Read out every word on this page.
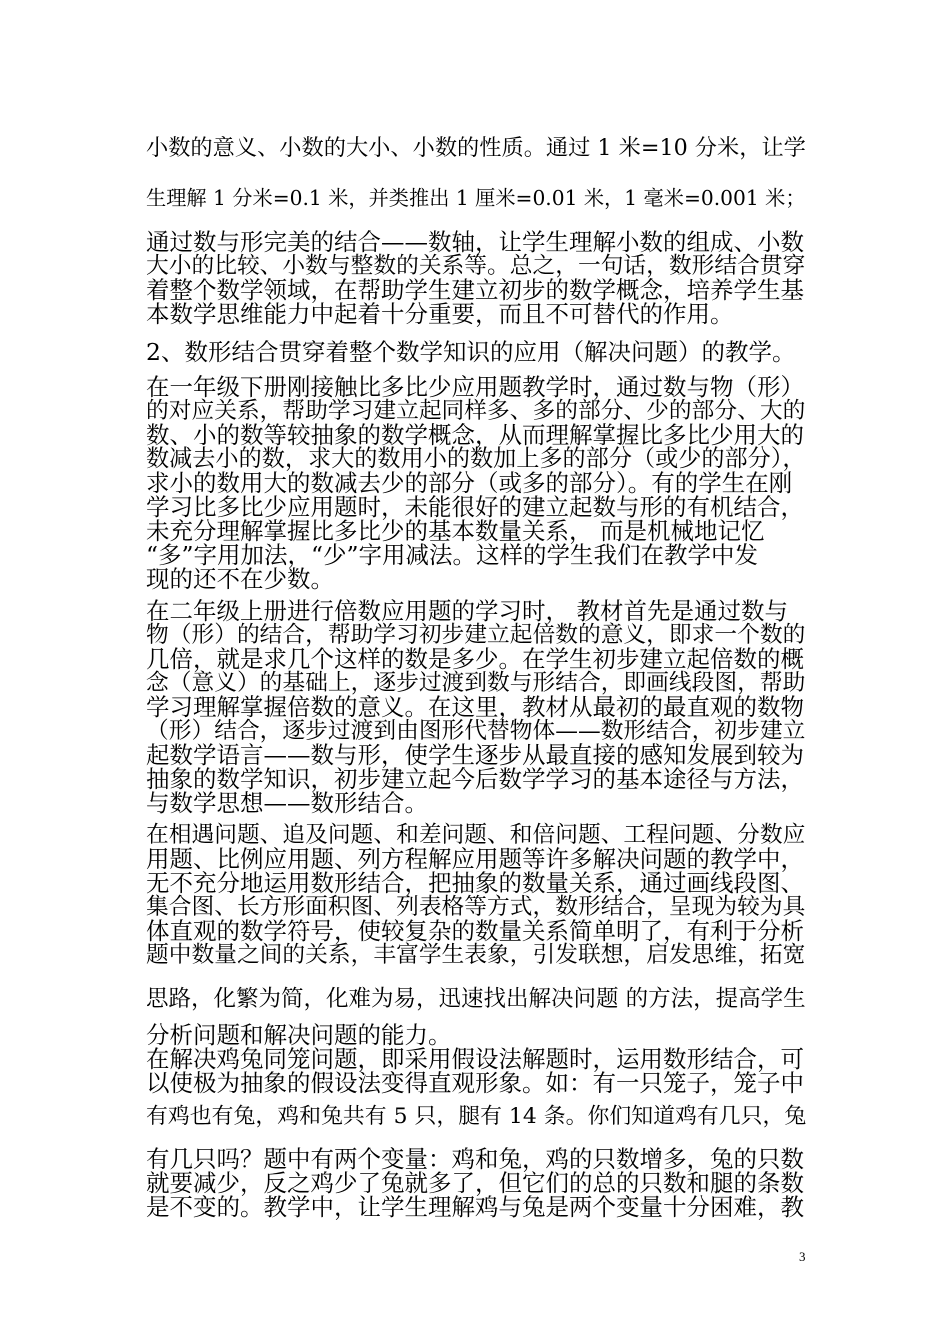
小数的意义、小数的大小、小数的性质。通过 1 米=10 分米，让学
生理解 1 分米=0.1 米，并类推出 1 厘米=0.01 米，1 毫米=0.001 米；
通过数与形完美的结合——数轴，让学生理解小数的组成、小数
大小的比较、小数与整数的关系等。总之，一句话，数形结合贯穿
着整个数学领域，在帮助学生建立初步的数学概念，培养学生基
本数学思维能力中起着十分重要，而且不可替代的作用。
2、数形结合贯穿着整个数学知识的应用（解决问题）的教学。
在一年级下册刚接触比多比少应用题教学时，通过数与物（形）
的对应关系，帮助学习建立起同样多、多的部分、少的部分、大的
数、小的数等较抽象的数学概念，从而理解掌握比多比少用大的
数减去小的数，求大的数用小的数加上多的部分（或少的部分），
求小的数用大的数减去少的部分（或多的部分）。有的学生在刚
学习比多比少应用题时，未能很好的建立起数与形的有机结合，
未充分理解掌握比多比少的基本数量关系， 而是机械地记忆
“多”字用加法，“少”字用减法。这样的学生我们在教学中发
现的还不在少数。
在二年级上册进行倍数应用题的学习时， 教材首先是通过数与
物（形）的结合，帮助学习初步建立起倍数的意义，即求一个数的
几倍，就是求几个这样的数是多少。在学生初步建立起倍数的概
念（意义）的基础上，逐步过渡到数与形结合，即画线段图，帮助
学习理解掌握倍数的意义。在这里，教材从最初的最直观的数物
（形）结合，逐步过渡到由图形代替物体——数形结合，初步建立
起数学语言——数与形，使学生逐步从最直接的感知发展到较为
抽象的数学知识，初步建立起今后数学学习的基本途径与方法，
与数学思想——数形结合。
在相遇问题、追及问题、和差问题、和倍问题、工程问题、分数应
用题、比例应用题、列方程解应用题等许多解决问题的教学中，
无不充分地运用数形结合，把抽象的数量关系，通过画线段图、
集合图、长方形面积图、列表格等方式，数形结合，呈现为较为具
体直观的数学符号，使较复杂的数量关系简单明了，有利于分析
题中数量之间的关系，丰富学生表象，引发联想，启发思维，拓宽
思路，化繁为简，化难为易，迅速找出解决问题 的方法，提高学生
分析问题和解决问题的能力。
在解决鸡兔同笼问题，即采用假设法解题时，运用数形结合，可
以使极为抽象的假设法变得直观形象。如：有一只笼子，笼子中
有鸡也有兔，鸡和兔共有 5 只，腿有 14 条。你们知道鸡有几只，兔
有几只吗？题中有两个变量：鸡和兔，鸡的只数增多，兔的只数
就要减少，反之鸡少了兔就多了，但它们的总的只数和腿的条数
是不变的。教学中，让学生理解鸡与兔是两个变量十分困难，教
3
